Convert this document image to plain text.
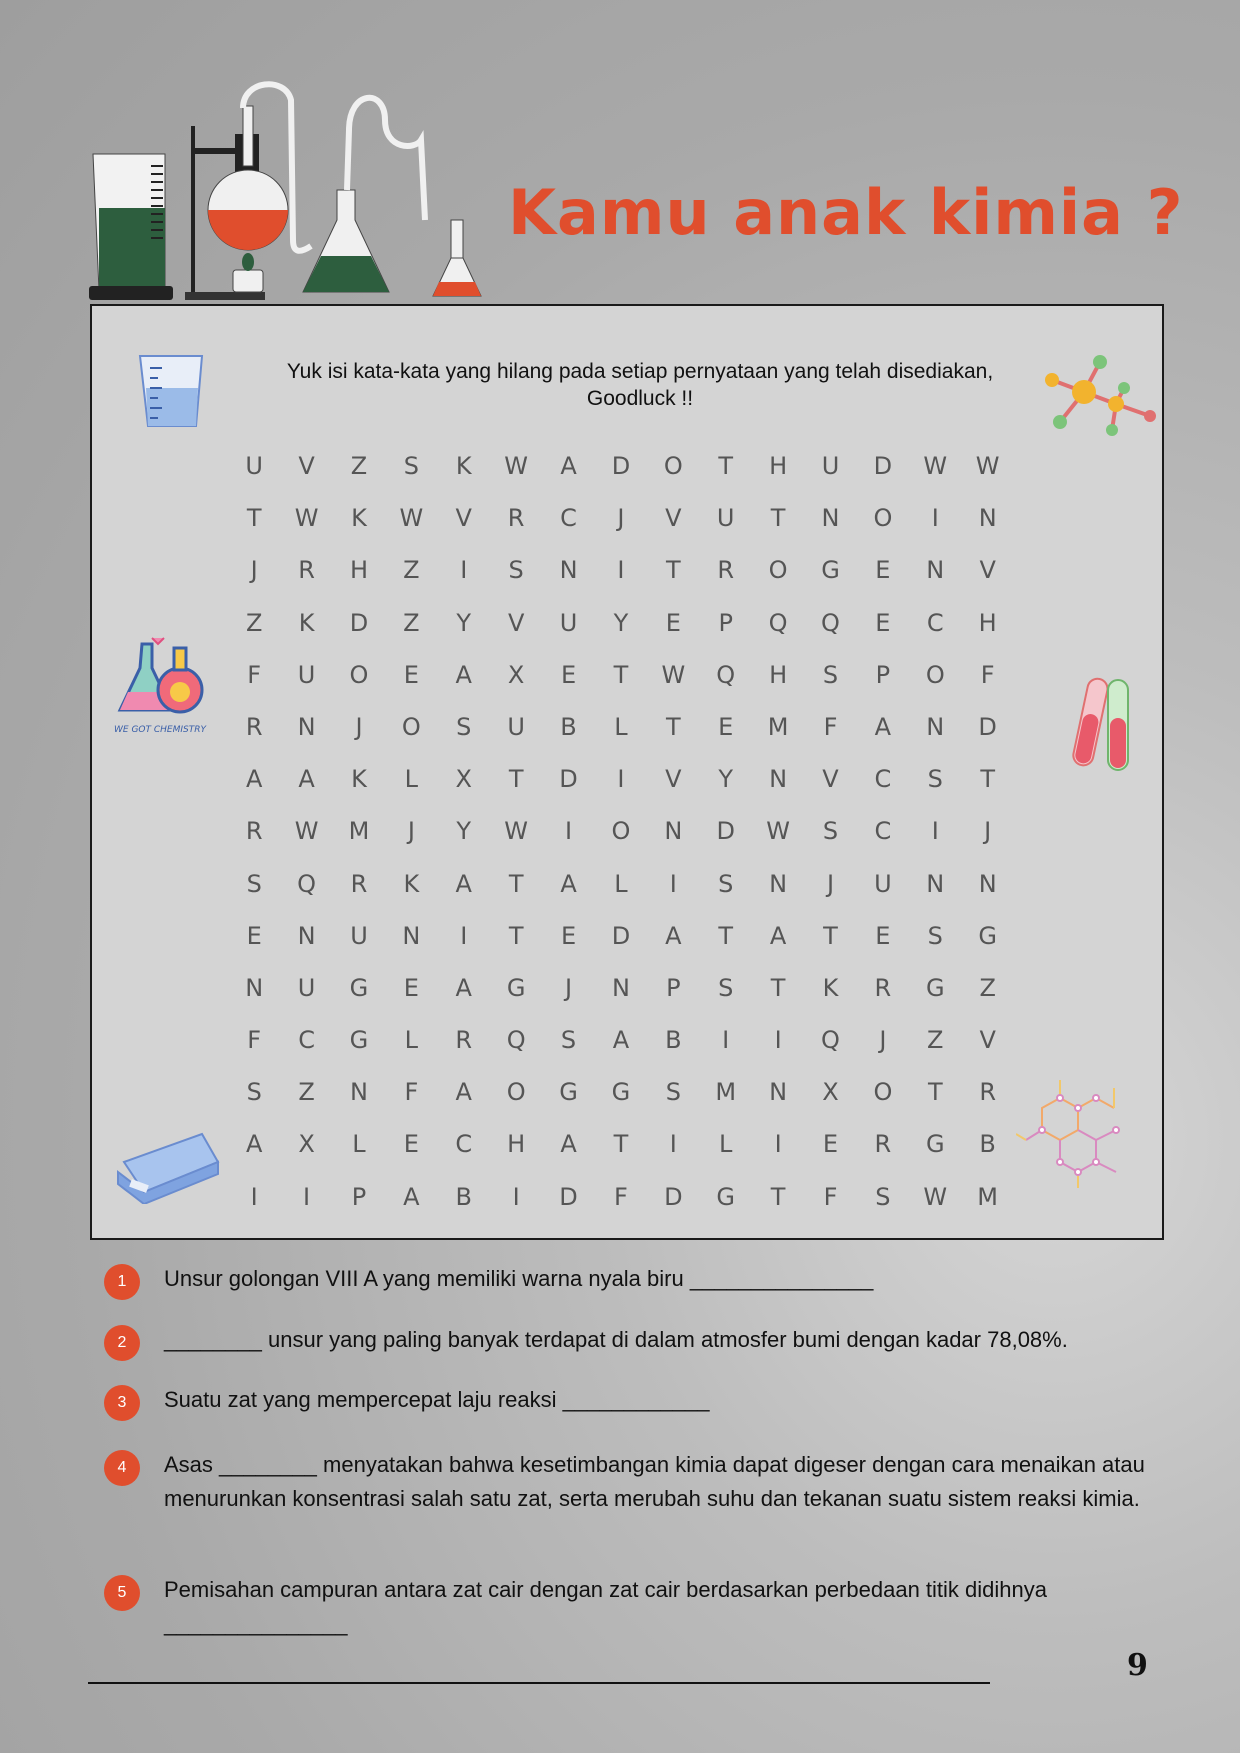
Kamu anak kimia ?
Yuk isi kata-kata yang hilang pada setiap pernyataan yang telah disediakan,
Goodluck !!
WE GOT CHEMISTRY
U	V	Z	S	K	W	A	D	O	T	H	U	D	W	W
T	W	K	W	V	R	C	J	V	U	T	N	O	I	N
J	R	H	Z	I	S	N	I	T	R	O	G	E	N	V
Z	K	D	Z	Y	V	U	Y	E	P	Q	Q	E	C	H
F	U	O	E	A	X	E	T	W	Q	H	S	P	O	F
R	N	J	O	S	U	B	L	T	E	M	F	A	N	D
A	A	K	L	X	T	D	I	V	Y	N	V	C	S	T
R	W	M	J	Y	W	I	O	N	D	W	S	C	I	J
S	Q	R	K	A	T	A	L	I	S	N	J	U	N	N
E	N	U	N	I	T	E	D	A	T	A	T	E	S	G
N	U	G	E	A	G	J	N	P	S	T	K	R	G	Z
F	C	G	L	R	Q	S	A	B	I	I	Q	J	Z	V
S	Z	N	F	A	O	G	G	S	M	N	X	O	T	R
A	X	L	E	C	H	A	T	I	L	I	E	R	G	B
I	I	P	A	B	I	D	F	D	G	T	F	S	W	M
1	Unsur golongan VIII A yang memiliki warna nyala biru _______________
2	________ unsur yang paling banyak terdapat di dalam atmosfer bumi dengan kadar 78,08%.
3	Suatu zat yang mempercepat laju reaksi ____________
4	Asas ________ menyatakan bahwa kesetimbangan kimia dapat digeser dengan cara menaikan atau menurunkan konsentrasi salah satu zat, serta merubah suhu dan tekanan suatu sistem reaksi kimia.
5	Pemisahan campuran antara zat cair dengan zat cair berdasarkan perbedaan titik didihnya _______________
9
